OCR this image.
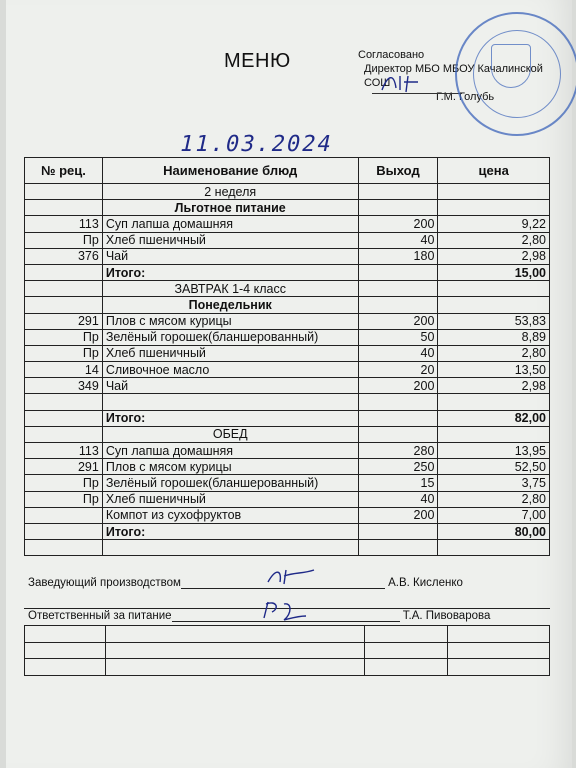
МЕНЮ	Согласовано
Директор МБО МБОУ Качалинской СОШ
Г.М. Голубь
11.03.2024
№ рец.	Наименование блюд	Выход	цена
	2 неделя		
	Льготное питание		
113	Суп лапша домашняя	200	9,22
Пр	Хлеб пшеничный	40	2,80
376	Чай	180	2,98
	Итого:		15,00
	ЗАВТРАК 1-4 класс		
	Понедельник		
291	Плов с мясом курицы	200	53,83
Пр	Зелёный горошек(бланшерованный)	50	8,89
Пр	Хлеб пшеничный	40	2,80
14	Сливочное масло	20	13,50
349	Чай	200	2,98

	Итого:		82,00
	ОБЕД		
113	Суп лапша домашняя	280	13,95
291	Плов с мясом курицы	250	52,50
Пр	Зелёный горошек(бланшерованный)	15	3,75
Пр	Хлеб пшеничный	40	2,80
	Компот из сухофруктов	200	7,00
	Итого:		80,00

Заведующий производством	А.В. Кисленко
Ответственный за питание	Т.А. Пивоварова
